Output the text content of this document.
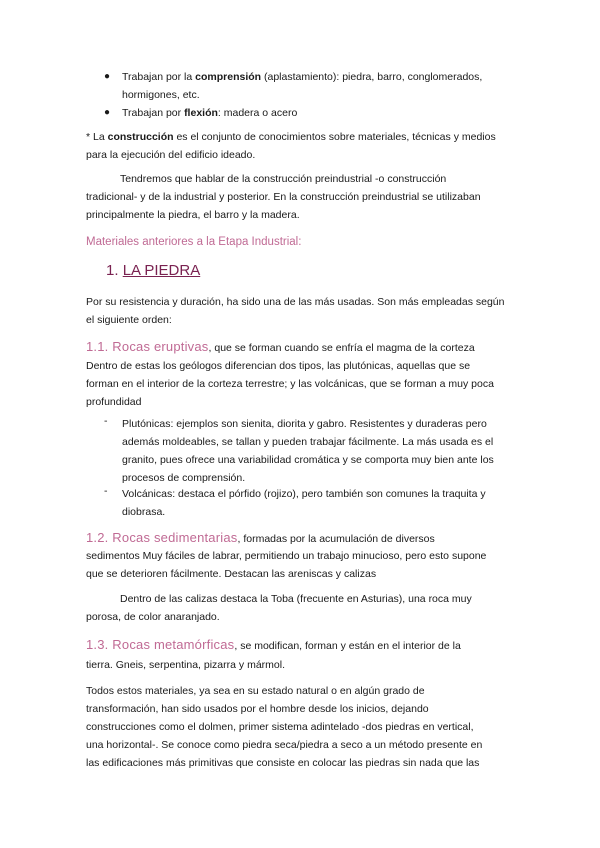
●	Trabajan por la comprensión (aplastamiento): piedra, barro, conglomerados,
hormigones, etc.

●	Trabajan por flexión: madera o acero

* La construcción es el conjunto de conocimientos sobre materiales, técnicas y medios
para la ejecución del edificio ideado.

Tendremos que hablar de la construcción preindustrial -o construcción
tradicional- y de la industrial y posterior. En la construcción preindustrial se utilizaban
principalmente la piedra, el barro y la madera.

Materiales anteriores a la Etapa Industrial:
1. LA PIEDRA

Por su resistencia y duración, ha sido una de las más usadas. Son más empleadas según
el siguiente orden:

1.1. Rocas eruptivas, que se forman cuando se enfría el magma de la corteza

Dentro de estas los geólogos diferencian dos tipos, las plutónicas, aquellas que se
forman en el interior de la corteza terrestre; y las volcánicas, que se forman a muy poca
profundidad

-	Plutónicas: ejemplos son sienita, diorita y gabro. Resistentes y duraderas pero
además moldeables, se tallan y pueden trabajar fácilmente. La más usada es el
granito, pues ofrece una variabilidad cromática y se comporta muy bien ante los
procesos de comprensión.

-	Volcánicas: destaca el pórfido (rojizo), pero también son comunes la traquita y
diobrasa.

1.2. Rocas sedimentarias, formadas por la acumulación de diversos

sedimentos Muy fáciles de labrar, permitiendo un trabajo minucioso, pero esto supone
que se deterioren fácilmente. Destacan las areniscas y calizas

Dentro de las calizas destaca la Toba (frecuente en Asturias), una roca muy
porosa, de color anaranjado.

1.3. Rocas metamórficas, se modifican, forman y están en el interior de la

tierra. Gneis, serpentina, pizarra y mármol.

Todos estos materiales, ya sea en su estado natural o en algún grado de
transformación, han sido usados por el hombre desde los inicios, dejando
construcciones como el dolmen, primer sistema adintelado -dos piedras en vertical,
una horizontal-. Se conoce como piedra seca/piedra a seco a un método presente en
las edificaciones más primitivas que consiste en colocar las piedras sin nada que las
